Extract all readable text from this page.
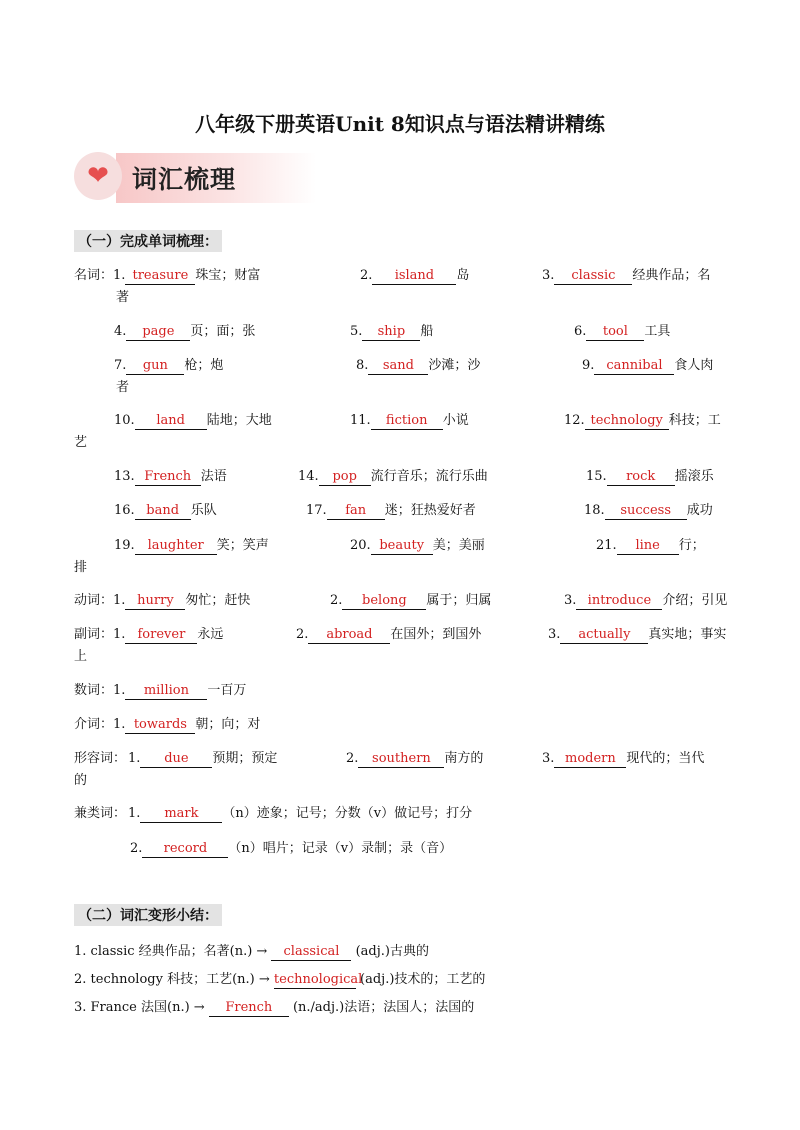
八年级下册英语Unit 8知识点与语法精讲精练
❤ 词汇梳理
（一）完成单词梳理：
名词： 1. treasure 珠宝；财富	2. island 岛	3. classic 经典作品；名
著
4. page 页；面；张	5. ship 船	6. tool 工具
7. gun 枪；炮	8. sand 沙滩；沙	9. cannibal 食人肉
者
10. land 陆地；大地	11. fiction 小说	12. technology 科技；工
艺
13. French 法语	14. pop 流行音乐；流行乐曲	15. rock 摇滚乐
16. band 乐队	17. fan 迷；狂热爱好者	18. success 成功
19. laughter 笑；笑声	20. beauty 美；美丽	21. line 行；
排
动词： 1. hurry 匆忙；赶快	2. belong 属于；归属	3. introduce 介绍；引见
副词： 1. forever 永远	2. abroad 在国外；到国外	3. actually 真实地；事实
上
数词： 1. million 一百万
介词： 1. towards 朝；向；对
形容词： 1. due 预期；预定	2. southern 南方的	3. modern 现代的；当代
的
兼类词： 1. mark （n）迹象；记号；分数（v）做记号；打分
2. record （n）唱片；记录（v）录制；录（音）
（二）词汇变形小结：
1. classic 经典作品；名著(n.) → classical (adj.)古典的
2. technology 科技；工艺(n.) → technological (adj.)技术的；工艺的
3. France 法国(n.) → French (n./adj.)法语；法国人；法国的
